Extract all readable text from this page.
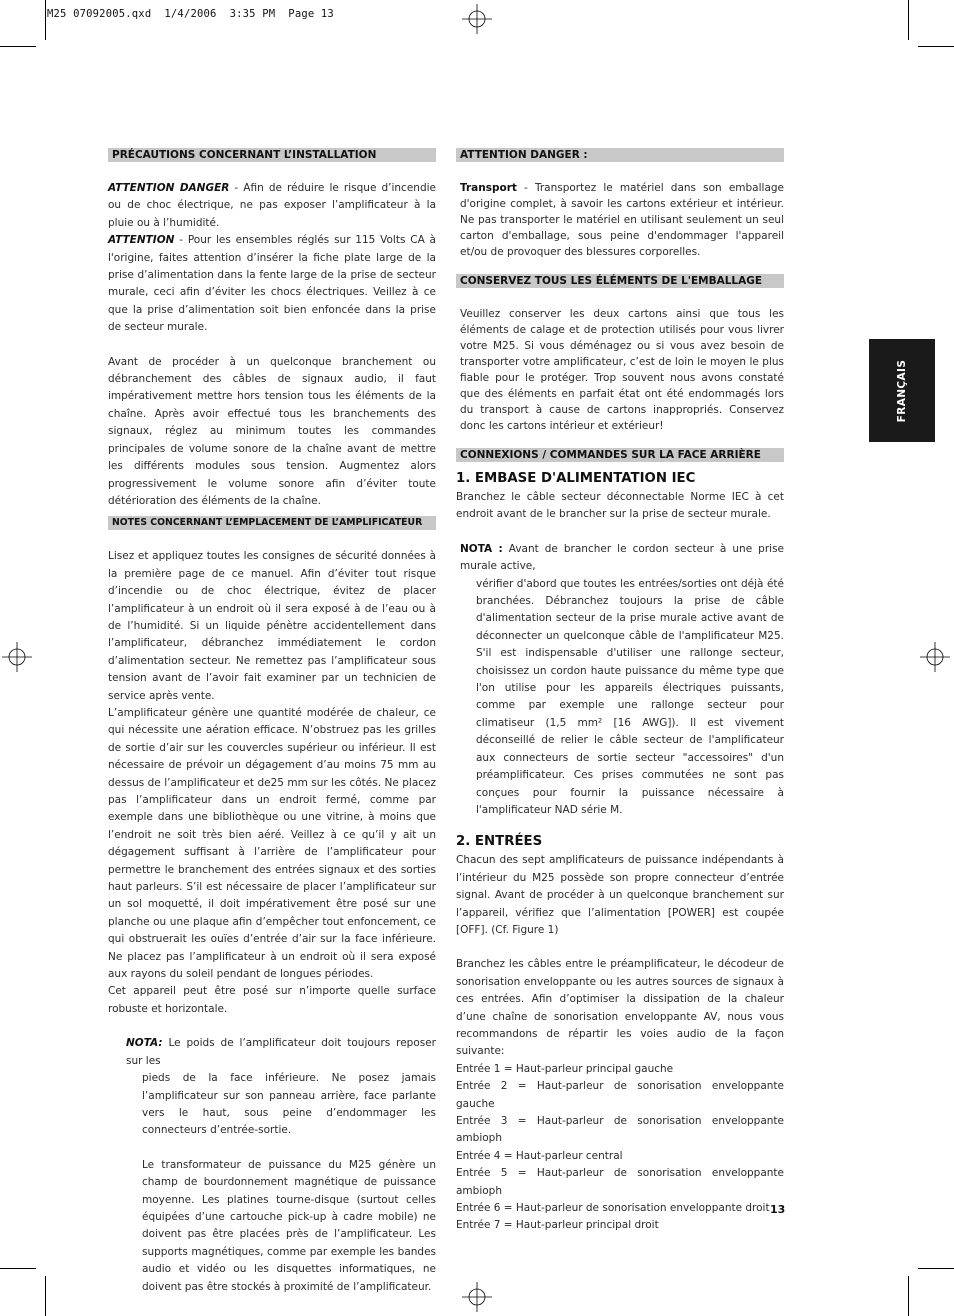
M25 07092005.qxd  1/4/2006  3:35 PM  Page 13
PRÉCAUTIONS CONCERNANT L’INSTALLATION

ATTENTION DANGER - Afin de réduire le risque d’incendie ou de choc électrique, ne pas exposer l’amplificateur à la pluie ou à l’humidité.

ATTENTION - Pour les ensembles réglés sur 115 Volts CA à l'origine, faites attention d’insérer la fiche plate large de la prise d’alimentation dans la fente large de la prise de secteur murale, ceci afin d’éviter les chocs électriques. Veillez à ce que la prise d’alimentation soit bien enfoncée dans la prise de secteur murale.

Avant de procéder à un quelconque branchement ou débranchement des câbles de signaux audio, il faut impérativement mettre hors tension tous les éléments de la chaîne. Après avoir effectué tous les branchements des signaux, réglez au minimum toutes les commandes principales de volume sonore de la chaîne avant de mettre les différents modules sous tension. Augmentez alors progressivement le volume sonore afin d’éviter toute détérioration des éléments de la chaîne.

NOTES CONCERNANT L’EMPLACEMENT DE L’AMPLIFICATEUR

Lisez et appliquez toutes les consignes de sécurité données à la première page de ce manuel. Afin d’éviter tout risque d’incendie ou de choc électrique, évitez de placer l’amplificateur à un endroit où il sera exposé à de l’eau ou à de l’humidité. Si un liquide pénètre accidentellement dans l’amplificateur, débranchez immédiatement le cordon d’alimentation secteur. Ne remettez pas l’amplificateur sous tension avant de l’avoir fait examiner par un technicien de service après vente.

L’amplificateur génère une quantité modérée de chaleur, ce qui nécessite une aération efficace. N’obstruez pas les grilles de sortie d’air sur les couvercles supérieur ou inférieur. Il est nécessaire de prévoir un dégagement d’au moins 75 mm au dessus de l’amplificateur et de25 mm sur les côtés. Ne placez pas l’amplificateur dans un endroit fermé, comme par exemple dans une bibliothèque ou une vitrine, à moins que l’endroit ne soit très bien aéré. Veillez à ce qu’il y ait un dégagement suffisant à l’arrière de l’amplificateur pour permettre le branchement des entrées signaux et des sorties haut parleurs. S’il est nécessaire de placer l’amplificateur sur un sol moquetté, il doit impérativement être posé sur une planche ou une plaque afin d’empêcher tout enfoncement, ce qui obstruerait les ouïes d’entrée d’air sur la face inférieure. Ne placez pas l’amplificateur à un endroit où il sera exposé aux rayons du soleil pendant de longues périodes.

Cet appareil peut être posé sur n’importe quelle surface robuste et horizontale.

NOTA: Le poids de l’amplificateur doit toujours reposer sur les

pieds de la face inférieure. Ne posez jamais l’amplificateur sur son panneau arrière, face parlante vers le haut, sous peine d’endommager les connecteurs d’entrée-sortie.

Le transformateur de puissance du M25 génère un champ de bourdonnement magnétique de puissance moyenne. Les platines tourne-disque (surtout celles équipées d’une cartouche pick-up à cadre mobile) ne doivent pas être placées près de l’amplificateur. Les supports magnétiques, comme par exemple les bandes audio et vidéo ou les disquettes informatiques, ne doivent pas être stockés à proximité de l’amplificateur.

ATTENTION DANGER :

Transport - Transportez le matériel dans son emballage d'origine complet, à savoir les cartons extérieur et intérieur. Ne pas transporter le matériel en utilisant seulement un seul carton d'emballage, sous peine d'endommager l'appareil et/ou de provoquer des blessures corporelles.

CONSERVEZ TOUS LES ÉLÉMENTS DE L'EMBALLAGE

Veuillez conserver les deux cartons ainsi que tous les éléments de calage et de protection utilisés pour vous livrer votre M25. Si vous déménagez ou si vous avez besoin de transporter votre amplificateur, c’est de loin le moyen le plus fiable pour le protéger. Trop souvent nous avons constaté que des éléments en parfait état ont été endommagés lors du transport à cause de cartons inappropriés. Conservez donc les cartons intérieur et extérieur!

CONNEXIONS / COMMANDES SUR LA FACE ARRIÈRE
1. EMBASE D'ALIMENTATION IEC

Branchez le câble secteur déconnectable Norme IEC à cet endroit avant de le brancher sur la prise de secteur murale.

NOTA : Avant de brancher le cordon secteur à une prise murale active,

vérifier d'abord que toutes les entrées/sorties ont déjà été branchées. Débranchez toujours la prise de câble d'alimentation secteur de la prise murale active avant de déconnecter un quelconque câble de l'amplificateur M25. S'il est indispensable d'utiliser une rallonge secteur, choisissez un cordon haute puissance du même type que l'on utilise pour les appareils électriques puissants, comme par exemple une rallonge secteur pour climatiseur (1,5 mm² [16 AWG]). Il est vivement déconseillé de relier le câble secteur de l'amplificateur aux connecteurs de sortie secteur "accessoires" d'un préamplificateur. Ces prises commutées ne sont pas conçues pour fournir la puissance nécessaire à l'amplificateur NAD série M.

2. ENTRÉES

Chacun des sept amplificateurs de puissance indépendants à l’intérieur du M25 possède son propre connecteur d’entrée signal. Avant de procéder à un quelconque branchement sur l’appareil, vérifiez que l’alimentation [POWER] est coupée [OFF]. (Cf. Figure 1)

Branchez les câbles entre le préamplificateur, le décodeur de sonorisation enveloppante ou les autres sources de signaux à ces entrées. Afin d’optimiser la dissipation de la chaleur d’une chaîne de sonorisation enveloppante AV, nous vous recommandons de répartir les voies audio de la façon suivante:

Entrée 1 = Haut-parleur principal gauche

Entrée 2 = Haut-parleur de sonorisation enveloppante gauche

Entrée 3 = Haut-parleur de sonorisation enveloppante ambioph

Entrée 4 = Haut-parleur central

Entrée 5 = Haut-parleur de sonorisation enveloppante ambioph

Entrée 6 = Haut-parleur de sonorisation enveloppante droit

Entrée 7 = Haut-parleur principal droit

FRANÇAIS
13
